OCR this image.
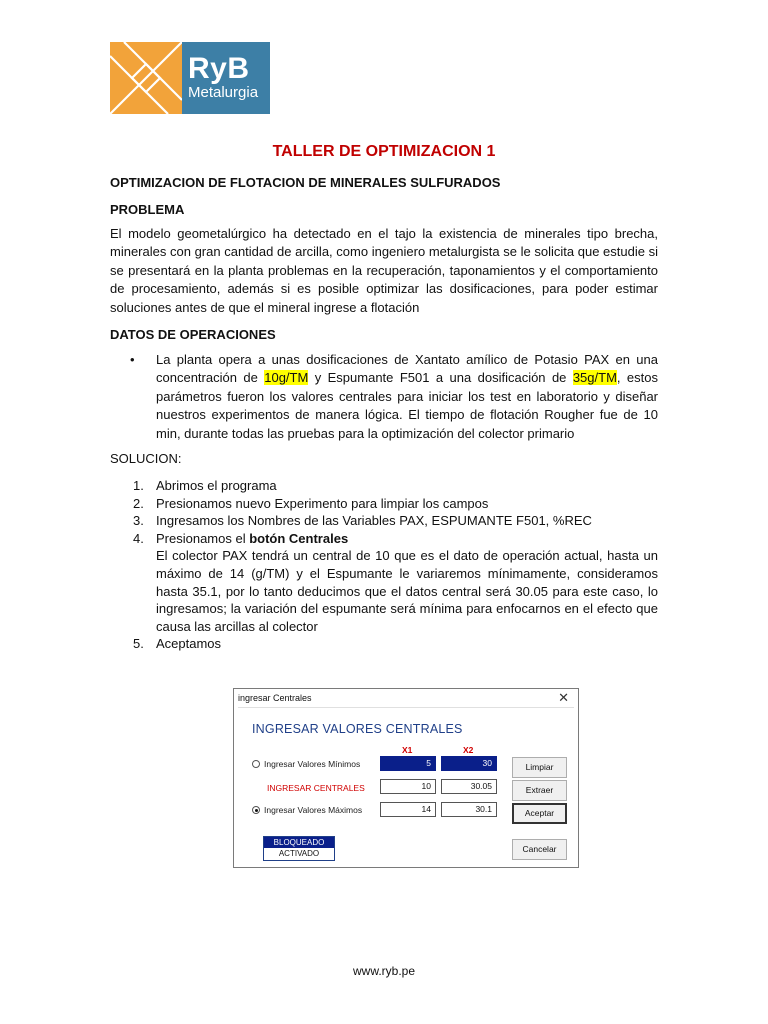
RyB
Metalurgia
TALLER DE OPTIMIZACION 1
OPTIMIZACION DE FLOTACION DE MINERALES SULFURADOS
PROBLEMA
El modelo geometalúrgico ha detectado en el tajo la existencia de minerales tipo brecha, minerales con gran cantidad de arcilla, como ingeniero metalurgista se le solicita que estudie si se presentará en la planta problemas en la recuperación, taponamientos y el comportamiento de procesamiento, además si es posible optimizar las dosificaciones, para poder estimar soluciones antes de que el mineral ingrese a flotación
DATOS DE OPERACIONES
• La planta opera a unas dosificaciones de Xantato amílico de Potasio PAX en una concentración de 10g/TM y Espumante F501 a una dosificación de 35g/TM, estos parámetros fueron los valores centrales para iniciar los test en laboratorio y diseñar nuestros experimentos de manera lógica. El tiempo de flotación Rougher fue de 10 min, durante todas las pruebas para la optimización del colector primario
SOLUCION:
1. Abrimos el programa
2. Presionamos nuevo Experimento para limpiar los campos
3. Ingresamos los Nombres de las Variables PAX, ESPUMANTE F501, %REC
4. Presionamos el botón Centrales
El colector PAX tendrá un central de 10 que es el dato de operación actual, hasta un máximo de 14 (g/TM) y el Espumante le variaremos mínimamente, consideramos hasta 35.1, por lo tanto deducimos que el datos central será 30.05 para este caso, lo ingresamos; la variación del espumante será mínima para enfocarnos en el efecto que causa las arcillas al colector
5. Aceptamos
ingresar Centrales	✕
INGRESAR VALORES CENTRALES
X1	X2
Ingresar Valores Mínimos	5	30
INGRESAR CENTRALES	10	30.05
Ingresar Valores Máximos	14	30.1
BLOQUEADO
ACTIVADO
Limpiar
Extraer
Aceptar
Cancelar
www.ryb.pe
